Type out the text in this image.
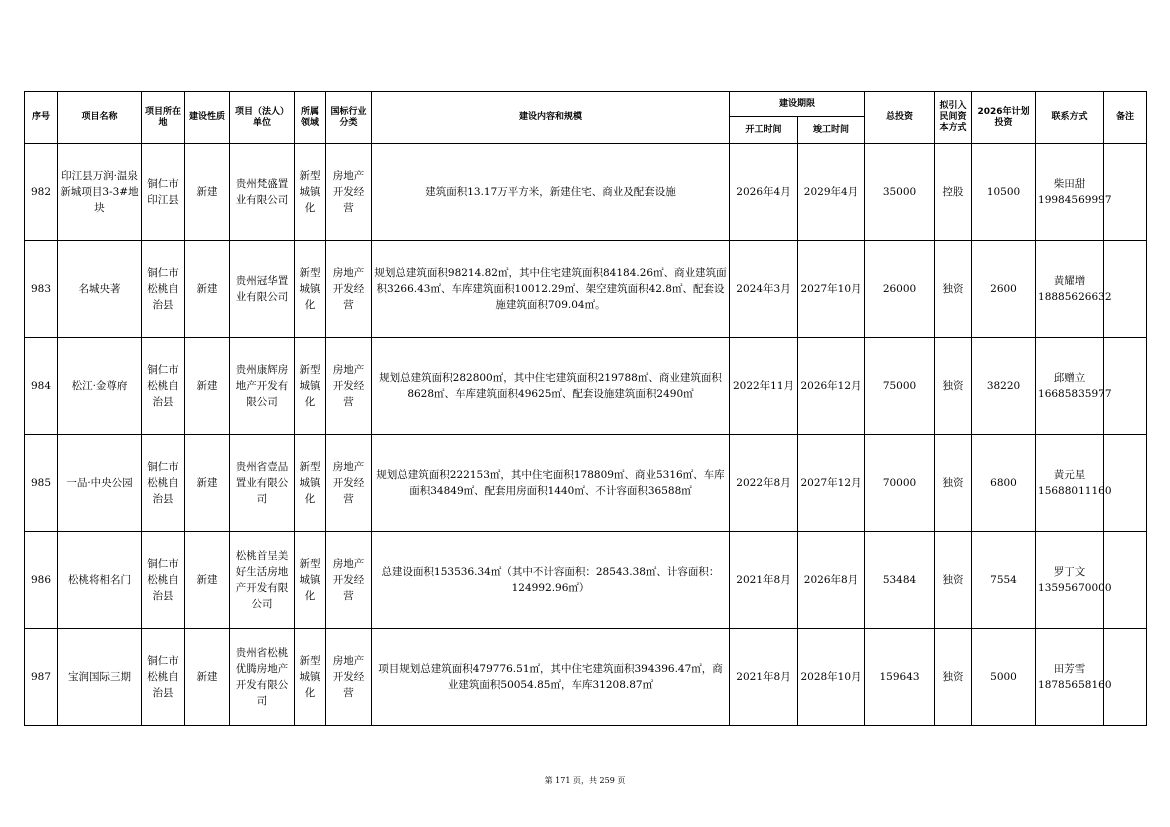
序号	项目名称	项目所在地	建设性质	项目（法人）单位	所属领域	国标行业分类	建设内容和规模	建设期限		总投资	拟引入民间资本方式	2026年计划投资	联系方式	备注
								开工时间	竣工时间					
982	印江县万润·温泉新城项目3-3#地块	铜仁市印江县	新建	贵州梵盛置业有限公司	新型城镇化	房地产开发经营	建筑面积13.17万平方米，新建住宅、商业及配套设施	2026年4月	2029年4月	35000	控股	10500	柴田甜 19984569997	
983	名城央著	铜仁市松桃自治县	新建	贵州冠华置业有限公司	新型城镇化	房地产开发经营	规划总建筑面积98214.82㎡，其中住宅建筑面积84184.26㎡、商业建筑面积3266.43㎡、车库建筑面积10012.29㎡、架空建筑面积42.8㎡、配套设施建筑面积709.04㎡。	2024年3月	2027年10月	26000	独资	2600	黄耀增 18885626632	
984	松江·金尊府	铜仁市松桃自治县	新建	贵州康辉房地产开发有限公司	新型城镇化	房地产开发经营	规划总建筑面积282800㎡，其中住宅建筑面积219788㎡、商业建筑面积8628㎡、车库建筑面积49625㎡、配套设施建筑面积2490㎡	2022年11月	2026年12月	75000	独资	38220	邱赠立 16685835977	
985	一品·中央公园	铜仁市松桃自治县	新建	贵州省壹品置业有限公司	新型城镇化	房地产开发经营	规划总建筑面积222153㎡，其中住宅面积178809㎡、商业5316㎡、车库面积34849㎡、配套用房面积1440㎡、不计容面积36588㎡	2022年8月	2027年12月	70000	独资	6800	黄元星 15688011160	
986	松桃将相名门	铜仁市松桃自治县	新建	松桃首呈美好生活房地产开发有限公司	新型城镇化	房地产开发经营	总建设面积153536.34㎡（其中不计容面积：28543.38㎡、计容面积：124992.96㎡）	2021年8月	2026年8月	53484	独资	7554	罗丁文 13595670000	
987	宝润国际三期	铜仁市松桃自治县	新建	贵州省松桃优腾房地产开发有限公司	新型城镇化	房地产开发经营	项目规划总建筑面积479776.51㎡，其中住宅建筑面积394396.47㎡，商业建筑面积50054.85㎡，车库31208.87㎡	2021年8月	2028年10月	159643	独资	5000	田芳雪 18785658160	
第 171 页，共 259 页
